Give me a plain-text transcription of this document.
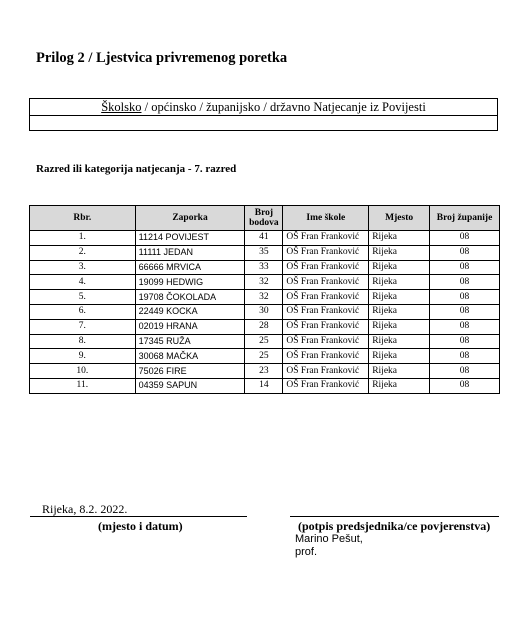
Prilog 2 / Ljestvica privremenog poretka
Školsko / općinsko / županijsko / državno Natjecanje iz Povijesti
Razred ili kategorija natjecanja - 7. razred
Rbr.	Zaporka	Broj bodova	Ime škole	Mjesto	Broj županije
1.	11214 POVIJEST	41	OŠ Fran Franković	Rijeka	08
2.	11111 JEDAN	35	OŠ Fran Franković	Rijeka	08
3.	66666 MRVICA	33	OŠ Fran Franković	Rijeka	08
4.	19099 HEDWIG	32	OŠ Fran Franković	Rijeka	08
5.	19708 ČOKOLADA	32	OŠ Fran Franković	Rijeka	08
6.	22449 KOCKA	30	OŠ Fran Franković	Rijeka	08
7.	02019 HRANA	28	OŠ Fran Franković	Rijeka	08
8.	17345 RUŽA	25	OŠ Fran Franković	Rijeka	08
9.	30068 MAČKA	25	OŠ Fran Franković	Rijeka	08
10.	75026 FIRE	23	OŠ Fran Franković	Rijeka	08
11.	04359 SAPUN	14	OŠ Fran Franković	Rijeka	08
Rijeka, 8.2. 2022.
(mjesto i datum)	(potpis predsjednika/ce povjerenstva)
Marino Pešut,
prof.
